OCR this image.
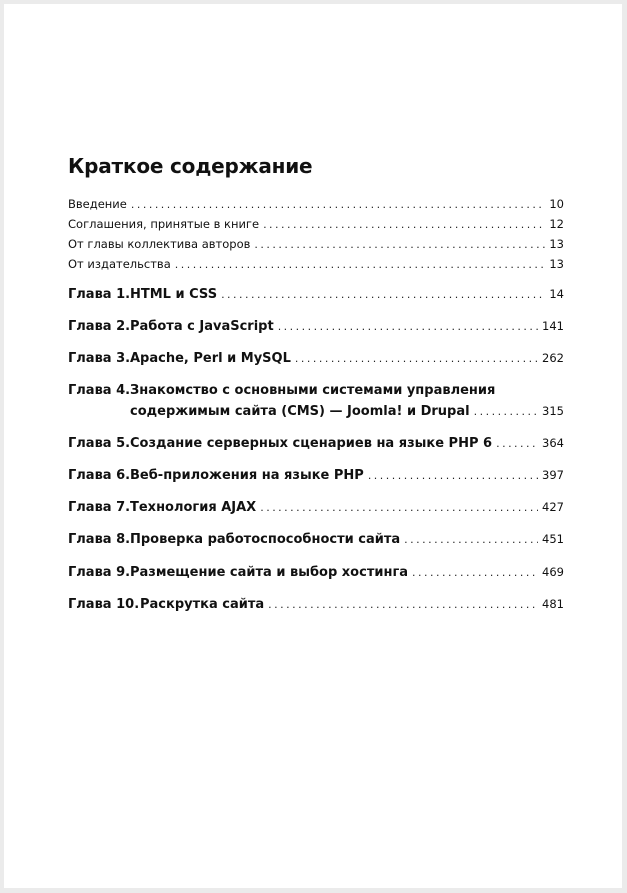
Краткое содержание
Введение . . .	10
Соглашения, принятые в книге . . .	12
От главы коллектива авторов . . .	13
От издательства . . .	13
Глава 1.HTML и CSS . . .	14
Глава 2.Работа с JavaScript . . .	141
Глава 3.Apache, Perl и MySQL . . .	262
Глава 4.Знакомство с основными системами управления
содержимым сайта (CMS) — Joomla! и Drupal . . .	315
Глава 5.Создание серверных сценариев на языке PHP 6 . . .	364
Глава 6.Веб-приложения на языке PHP . . .	397
Глава 7.Технология AJAX . . .	427
Глава 8.Проверка работоспособности сайта . . .	451
Глава 9.Размещение сайта и выбор хостинга . . .	469
Глава 10.Раскрутка сайта . . .	481
